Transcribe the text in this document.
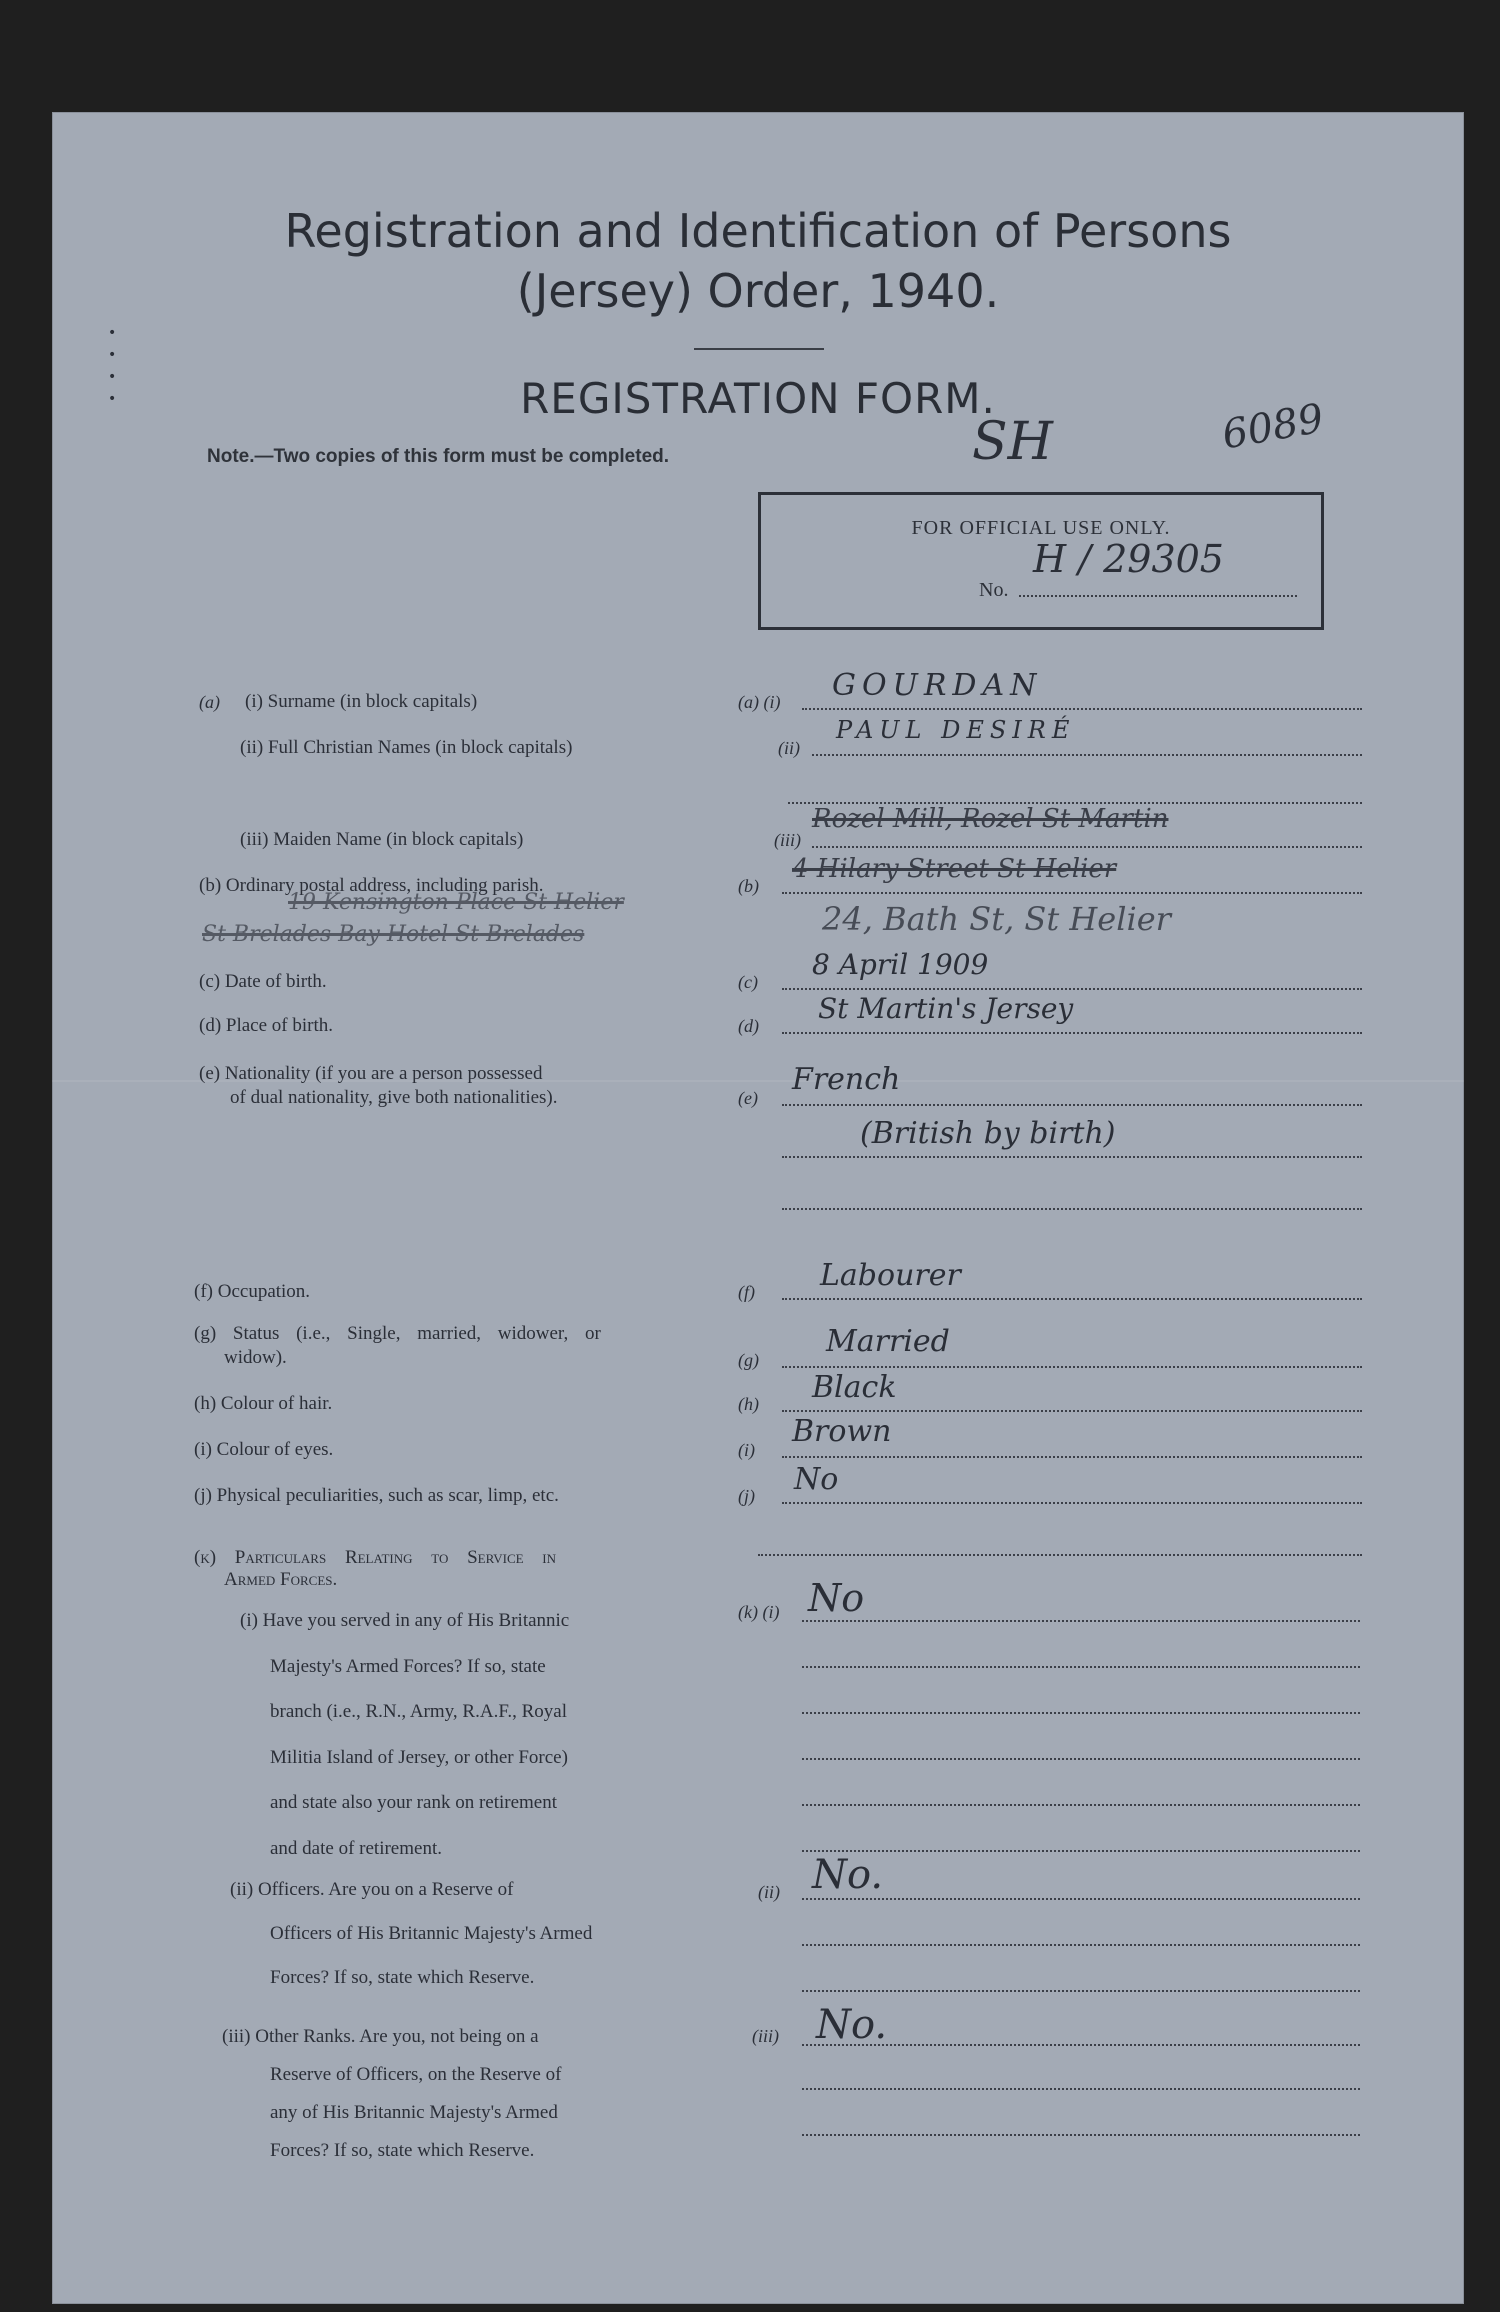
•
•
•
•
Registration and Identification of Persons
(Jersey) Order, 1940.
REGISTRATION FORM.
Note.—Two copies of this form must be completed.	SH	6089
FOR OFFICIAL USE ONLY.
No.
H / 29305
(a) (i) Surname (in block capitals)	(a) (i) GOURDAN
(ii) Full Christian Names (in block capitals)	(ii)
PAUL DESIRÉ
(iii) Maiden Name (in block capitals)	(iii)
Rozel Mill, Rozel St Martin
(b) Ordinary postal address, including parish.	(b)
4 Hilary Street St Helier
24, Bath St, St Helier
19 Kensington Place St Helier
St Brelades Bay Hotel St Brelades
(c) Date of birth.	(c)
8 April 1909
(d) Place of birth.	(d)
St Martin's Jersey
(e) Nationality (if you are a person possessed
of dual nationality, give both nationalities).	(e)
French
(British by birth)
(f) Occupation.	(f) Labourer
(g) Status (i.e., Single, married, widower, or
widow).	(g)
Married
(h) Colour of hair.	(h) Black
(i) Colour of eyes.	(i)
Brown
(j) Physical peculiarities, such as scar, limp, etc.	(j) No
(k) Particulars Relating to Service in
Armed Forces.
(i) Have you served in any of His Britannic
Majesty's Armed Forces? If so, state
branch (i.e., R.N., Army, R.A.F., Royal
Militia Island of Jersey, or other Force)
and state also your rank on retirement
and date of retirement.
(k) (i) No
(ii) Officers. Are you on a Reserve of
Officers of His Britannic Majesty's Armed
Forces? If so, state which Reserve.
(ii) No.
(iii) Other Ranks. Are you, not being on a
Reserve of Officers, on the Reserve of
any of His Britannic Majesty's Armed
Forces? If so, state which Reserve.
(iii) No.
